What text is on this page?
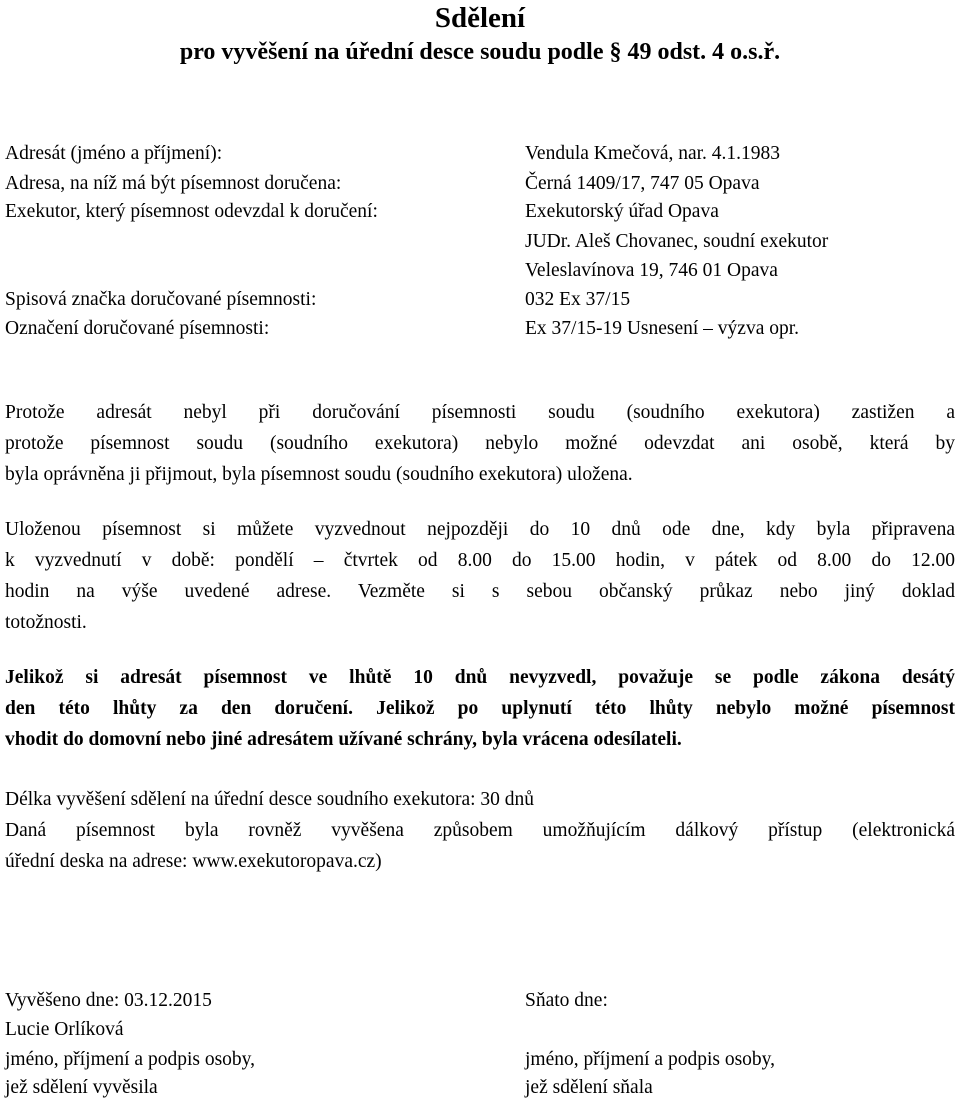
Sdělení
pro vyvěšení na úřední desce soudu podle § 49 odst. 4 o.s.ř.
Adresát (jméno a příjmení):	Vendula Kmečová, nar. 4.1.1983
Adresa, na níž má být písemnost doručena:	Černá 1409/17, 747 05 Opava
Exekutor, který písemnost odevzdal k doručení:	Exekutorský úřad Opava
JUDr. Aleš Chovanec, soudní exekutor
Veleslavínova 19, 746 01 Opava
Spisová značka doručované písemnosti:	032 Ex 37/15
Označení doručované písemnosti:	Ex 37/15-19 Usnesení – výzva opr.
Protože adresát nebyl při doručování písemnosti soudu (soudního exekutora) zastižen a
protože písemnost soudu (soudního exekutora) nebylo možné odevzdat ani osobě, která by
byla oprávněna ji přijmout, byla písemnost soudu (soudního exekutora) uložena.
Uloženou písemnost si můžete vyzvednout nejpozději do 10 dnů ode dne, kdy byla připravena
k vyzvednutí v době: pondělí – čtvrtek od 8.00 do 15.00 hodin, v pátek od 8.00 do 12.00
hodin na výše uvedené adrese. Vezměte si s sebou občanský průkaz nebo jiný doklad
totožnosti.
Jelikož si adresát písemnost ve lhůtě 10 dnů nevyzvedl, považuje se podle zákona desátý
den této lhůty za den doručení. Jelikož po uplynutí této lhůty nebylo možné písemnost
vhodit do domovní nebo jiné adresátem užívané schrány, byla vrácena odesílateli.
Délka vyvěšení sdělení na úřední desce soudního exekutora: 30 dnů
Daná písemnost byla rovněž vyvěšena způsobem umožňujícím dálkový přístup (elektronická
úřední deska na adrese: www.exekutoropava.cz)
Vyvěšeno dne: 03.12.2015
Lucie Orlíková
jméno, příjmení a podpis osoby,
jež sdělení vyvěsila
Sňato dne:
jméno, příjmení a podpis osoby,
jež sdělení sňala
